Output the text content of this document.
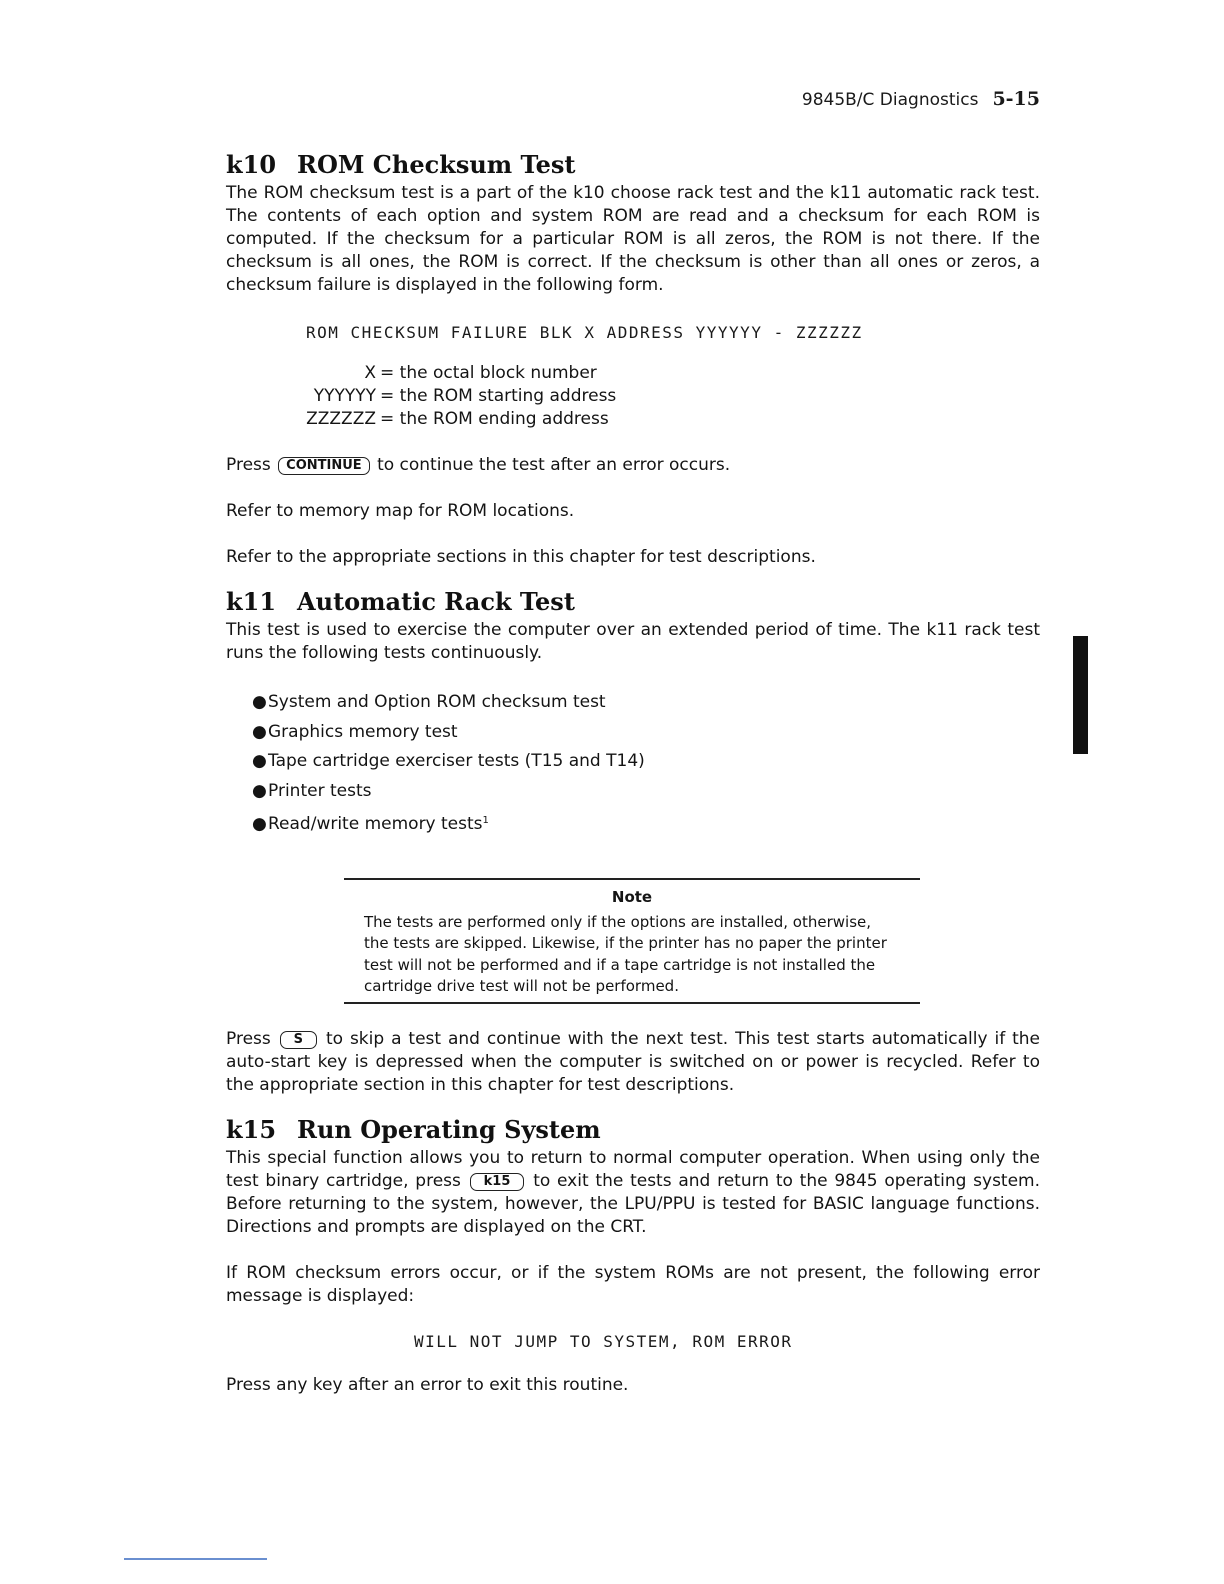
9845B/C Diagnostics 5-15
k10 ROM Checksum Test

The ROM checksum test is a part of the k10 choose rack test and the k11 automatic rack test. The contents of each option and system ROM are read and a checksum for each ROM is computed. If the checksum for a particular ROM is all zeros, the ROM is not there. If the checksum is all ones, the ROM is correct. If the checksum is other than all ones or zeros, a checksum failure is displayed in the following form.

ROM CHECKSUM FAILURE BLK X ADDRESS YYYYYY - ZZZZZZ
X = the octal block number
YYYYYY = the ROM starting address
ZZZZZZ = the ROM ending address

Press CONTINUE to continue the test after an error occurs.

Refer to memory map for ROM locations.

Refer to the appropriate sections in this chapter for test descriptions.

k11 Automatic Rack Test

This test is used to exercise the computer over an extended period of time. The k11 rack test runs the following tests continuously.

●System and Option ROM checksum test
●Graphics memory test
●Tape cartridge exerciser tests (T15 and T14)
●Printer tests
●Read/write memory tests$^1$
Note
The tests are performed only if the options are installed, otherwise, the tests are skipped. Likewise, if the printer has no paper the printer test will not be performed and if a tape cartridge is not installed the cartridge drive test will not be performed.

Press S to skip a test and continue with the next test. This test starts automatically if the auto-start key is depressed when the computer is switched on or power is recycled. Refer to the appropriate section in this chapter for test descriptions.

k15 Run Operating System

This special function allows you to return to normal computer operation. When using only the test binary cartridge, press k15 to exit the tests and return to the 9845 operating system. Before returning to the system, however, the LPU/PPU is tested for BASIC language functions. Directions and prompts are displayed on the CRT.

If ROM checksum errors occur, or if the system ROMs are not present, the following error message is displayed:

WILL NOT JUMP TO SYSTEM, ROM ERROR

Press any key after an error to exit this routine.
